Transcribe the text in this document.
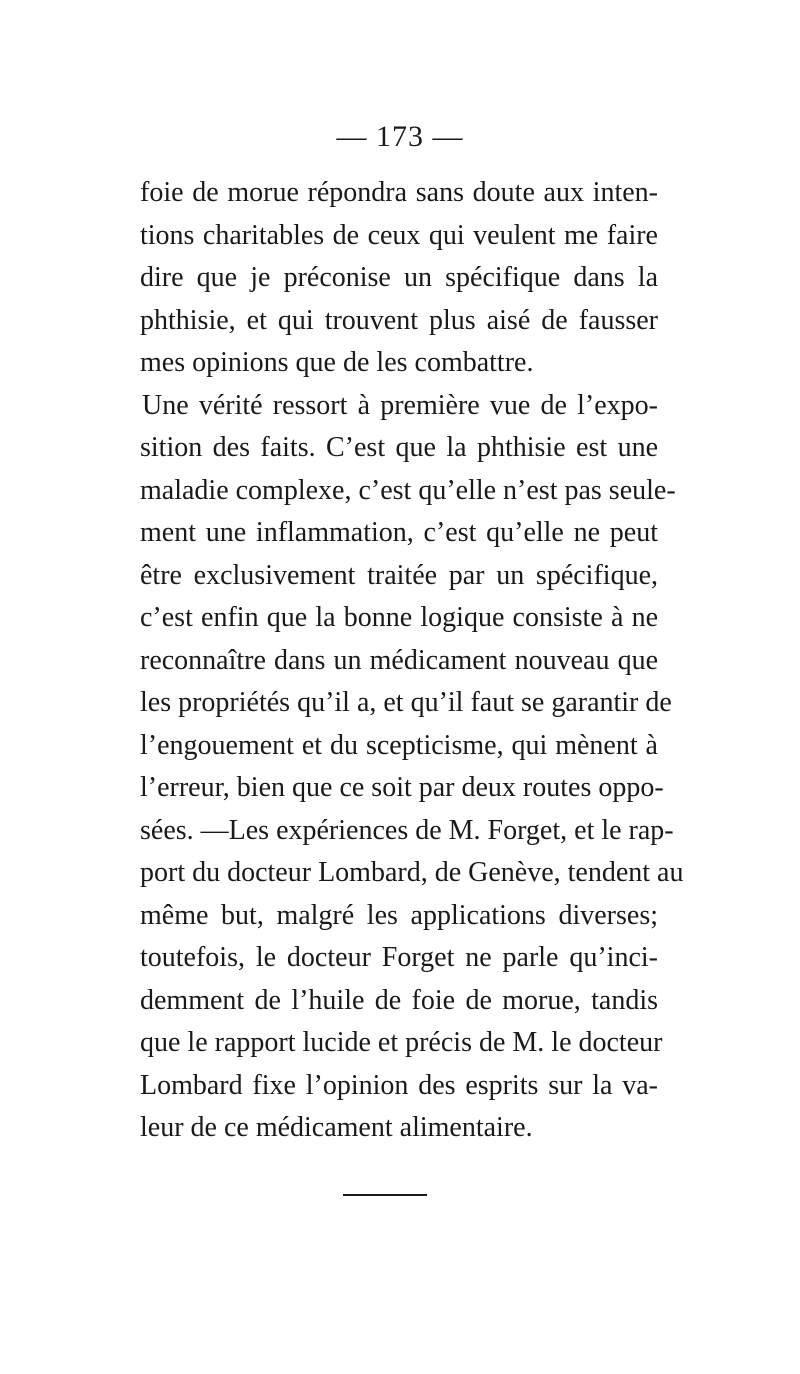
— 173 —
foie de morue répondra sans doute aux inten-
tions charitables de ceux qui veulent me faire
dire que je préconise un spécifique dans la
phthisie, et qui trouvent plus aisé de fausser
mes opinions que de les combattre.
Une vérité ressort à première vue de l’expo-
sition des faits. C’est que la phthisie est une
maladie complexe, c’est qu’elle n’est pas seule-
ment une inflammation, c’est qu’elle ne peut
être exclusivement traitée par un spécifique,
c’est enfin que la bonne logique consiste à ne
reconnaître dans un médicament nouveau que
les propriétés qu’il a, et qu’il faut se garantir de
l’engouement et du scepticisme, qui mènent à
l’erreur, bien que ce soit par deux routes oppo-
sées. —Les expériences de M. Forget, et le rap-
port du docteur Lombard, de Genève, tendent au
même but, malgré les applications diverses;
toutefois, le docteur Forget ne parle qu’inci-
demment de l’huile de foie de morue, tandis
que le rapport lucide et précis de M. le docteur
Lombard fixe l’opinion des esprits sur la va-
leur de ce médicament alimentaire.
